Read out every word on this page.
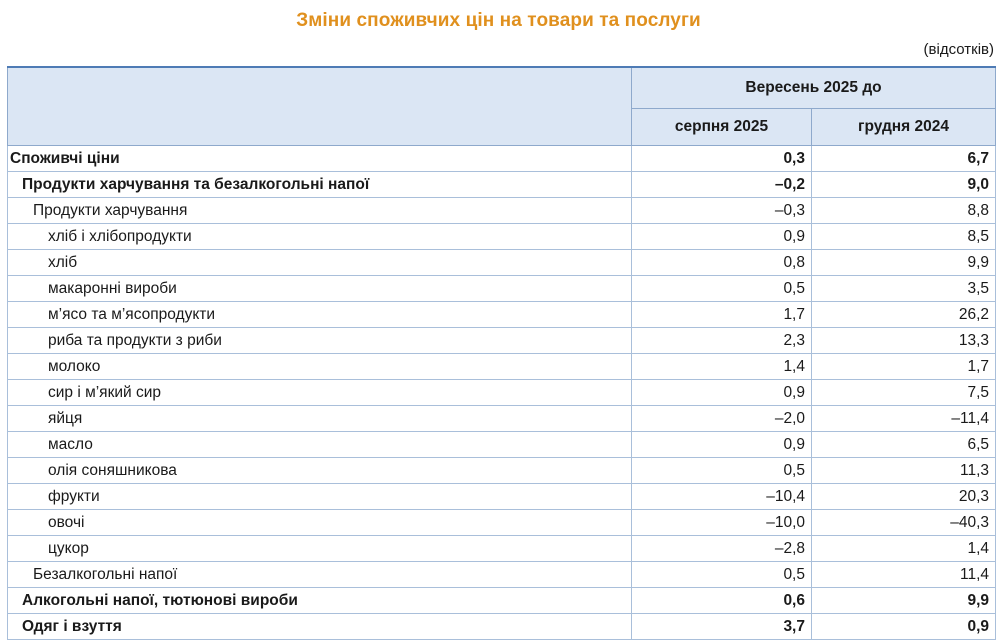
Зміни споживчих цін на товари та послуги
(відсотків)
	Вересень 2025 до	
	серпня 2025	грудня 2024
Споживчі ціни	0,3	6,7
Продукти харчування та безалкогольні напої	–0,2	9,0
Продукти харчування	–0,3	8,8
хліб і хлібопродукти	0,9	8,5
хліб	0,8	9,9
макаронні вироби	0,5	3,5
м’ясо та м’ясопродукти	1,7	26,2
риба та продукти з риби	2,3	13,3
молоко	1,4	1,7
сир і м’який сир	0,9	7,5
яйця	–2,0	–11,4
масло	0,9	6,5
олія соняшникова	0,5	11,3
фрукти	–10,4	20,3
овочі	–10,0	–40,3
цукор	–2,8	1,4
Безалкогольні напої	0,5	11,4
Алкогольні напої, тютюнові вироби	0,6	9,9
Одяг і взуття	3,7	0,9
